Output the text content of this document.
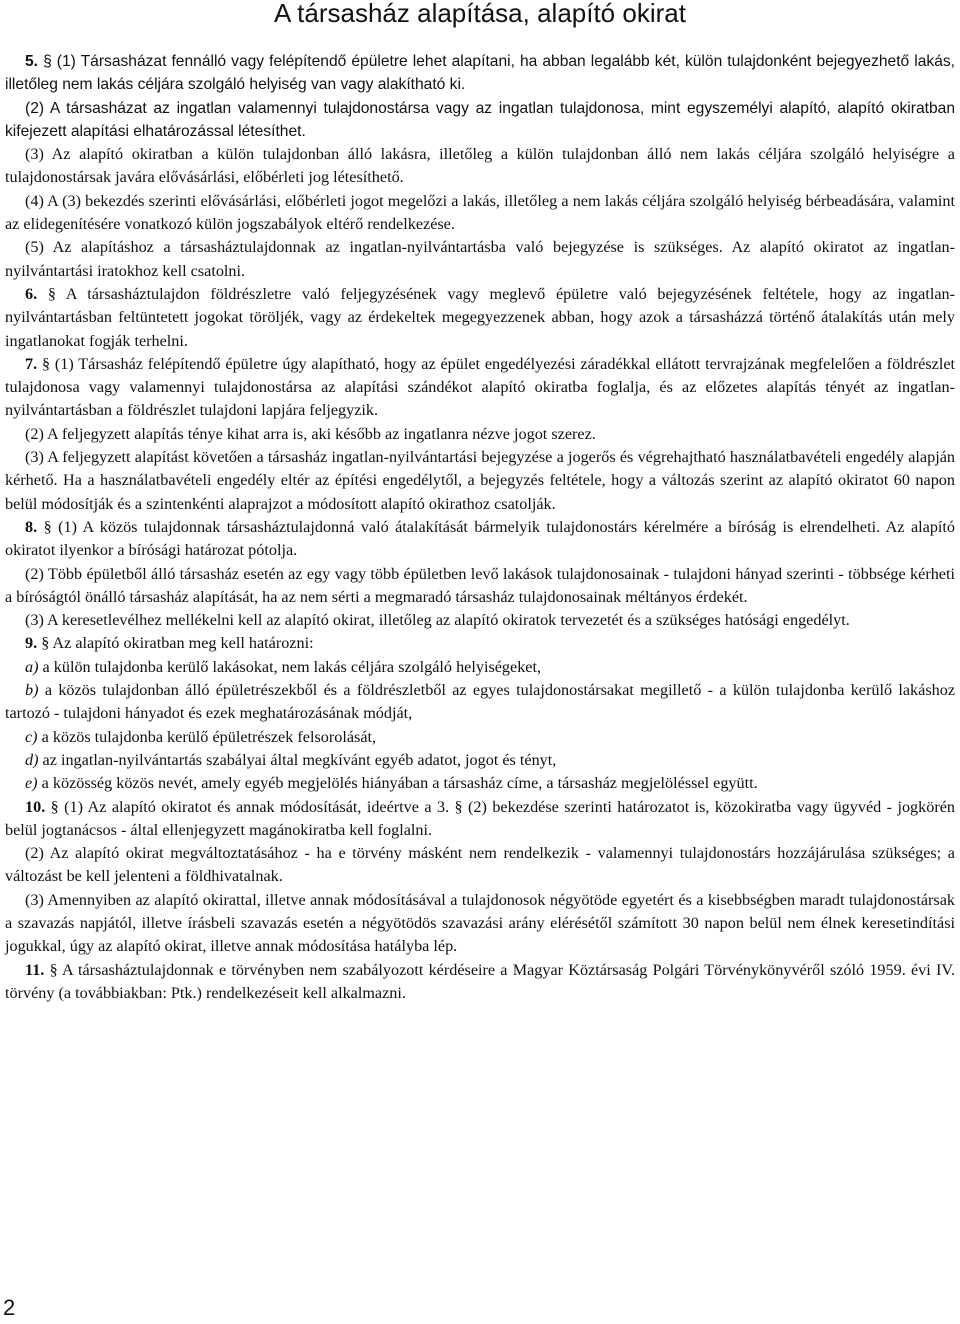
A társasház alapítása, alapító okirat

5. § (1) Társasházat fennálló vagy felépítendő épületre lehet alapítani, ha abban legalább két, külön tulajdonként bejegyezhető lakás, illetőleg nem lakás céljára szolgáló helyiség van vagy alakítható ki.

(2) A társasházat az ingatlan valamennyi tulajdonostársa vagy az ingatlan tulajdonosa, mint egyszemélyi alapító, alapító okiratban kifejezett alapítási elhatározással létesíthet.

(3) Az alapító okiratban a külön tulajdonban álló lakásra, illetőleg a külön tulajdonban álló nem lakás céljára szolgáló helyiségre a tulajdonostársak javára elővásárlási, előbérleti jog létesíthető.

(4) A (3) bekezdés szerinti elővásárlási, előbérleti jogot megelőzi a lakás, illetőleg a nem lakás céljára szolgáló helyiség bérbeadására, valamint az elidegenítésére vonatkozó külön jogszabályok eltérő rendelkezése.

(5) Az alapításhoz a társasháztulajdonnak az ingatlan-nyilvántartásba való bejegyzése is szükséges. Az alapító okiratot az ingatlan-nyilvántartási iratokhoz kell csatolni.

6. § A társasháztulajdon földrészletre való feljegyzésének vagy meglevő épületre való bejegyzésének feltétele, hogy az ingatlan-nyilvántartásban feltüntetett jogokat töröljék, vagy az érdekeltek megegyezzenek abban, hogy azok a társasházzá történő átalakítás után mely ingatlanokat fogják terhelni.

7. § (1) Társasház felépítendő épületre úgy alapítható, hogy az épület engedélyezési záradékkal ellátott tervrajzának megfelelően a földrészlet tulajdonosa vagy valamennyi tulajdonostársa az alapítási szándékot alapító okiratba foglalja, és az előzetes alapítás tényét az ingatlan-nyilvántartásban a földrészlet tulajdoni lapjára feljegyzik.

(2) A feljegyzett alapítás ténye kihat arra is, aki később az ingatlanra nézve jogot szerez.

(3) A feljegyzett alapítást követően a társasház ingatlan-nyilvántartási bejegyzése a jogerős és végrehajtható használatbavételi engedély alapján kérhető. Ha a használatbavételi engedély eltér az építési engedélytől, a bejegyzés feltétele, hogy a változás szerint az alapító okiratot 60 napon belül módosítják és a szintenkénti alaprajzot a módosított alapító okirathoz csatolják.

8. § (1) A közös tulajdonnak társasháztulajdonná való átalakítását bármelyik tulajdonostárs kérelmére a bíróság is elrendelheti. Az alapító okiratot ilyenkor a bírósági határozat pótolja.

(2) Több épületből álló társasház esetén az egy vagy több épületben levő lakások tulajdonosainak - tulajdoni hányad szerinti - többsége kérheti a bíróságtól önálló társasház alapítását, ha az nem sérti a megmaradó társasház tulajdonosainak méltányos érdekét.

(3) A keresetlevélhez mellékelni kell az alapító okirat, illetőleg az alapító okiratok tervezetét és a szükséges hatósági engedélyt.

9. § Az alapító okiratban meg kell határozni:

a) a külön tulajdonba kerülő lakásokat, nem lakás céljára szolgáló helyiségeket,

b) a közös tulajdonban álló épületrészekből és a földrészletből az egyes tulajdonostársakat megillető - a külön tulajdonba kerülő lakáshoz tartozó - tulajdoni hányadot és ezek meghatározásának módját,

c) a közös tulajdonba kerülő épületrészek felsorolását,

d) az ingatlan-nyilvántartás szabályai által megkívánt egyéb adatot, jogot és tényt,

e) a közösség közös nevét, amely egyéb megjelölés hiányában a társasház címe, a társasház megjelöléssel együtt.

10. § (1) Az alapító okiratot és annak módosítását, ideértve a 3. § (2) bekezdése szerinti határozatot is, közokiratba vagy ügyvéd - jogkörén belül jogtanácsos - által ellenjegyzett magánokiratba kell foglalni.

(2) Az alapító okirat megváltoztatásához - ha e törvény másként nem rendelkezik - valamennyi tulajdonostárs hozzájárulása szükséges; a változást be kell jelenteni a földhivatalnak.

(3) Amennyiben az alapító okirattal, illetve annak módosításával a tulajdonosok négyötöde egyetért és a kisebbségben maradt tulajdonostársak a szavazás napjától, illetve írásbeli szavazás esetén a négyötödös szavazási arány elérésétől számított 30 napon belül nem élnek keresetindítási jogukkal, úgy az alapító okirat, illetve annak módosítása hatályba lép.

11. § A társasháztulajdonnak e törvényben nem szabályozott kérdéseire a Magyar Köztársaság Polgári Törvénykönyvéről szóló 1959. évi IV. törvény (a továbbiakban: Ptk.) rendelkezéseit kell alkalmazni.

2
